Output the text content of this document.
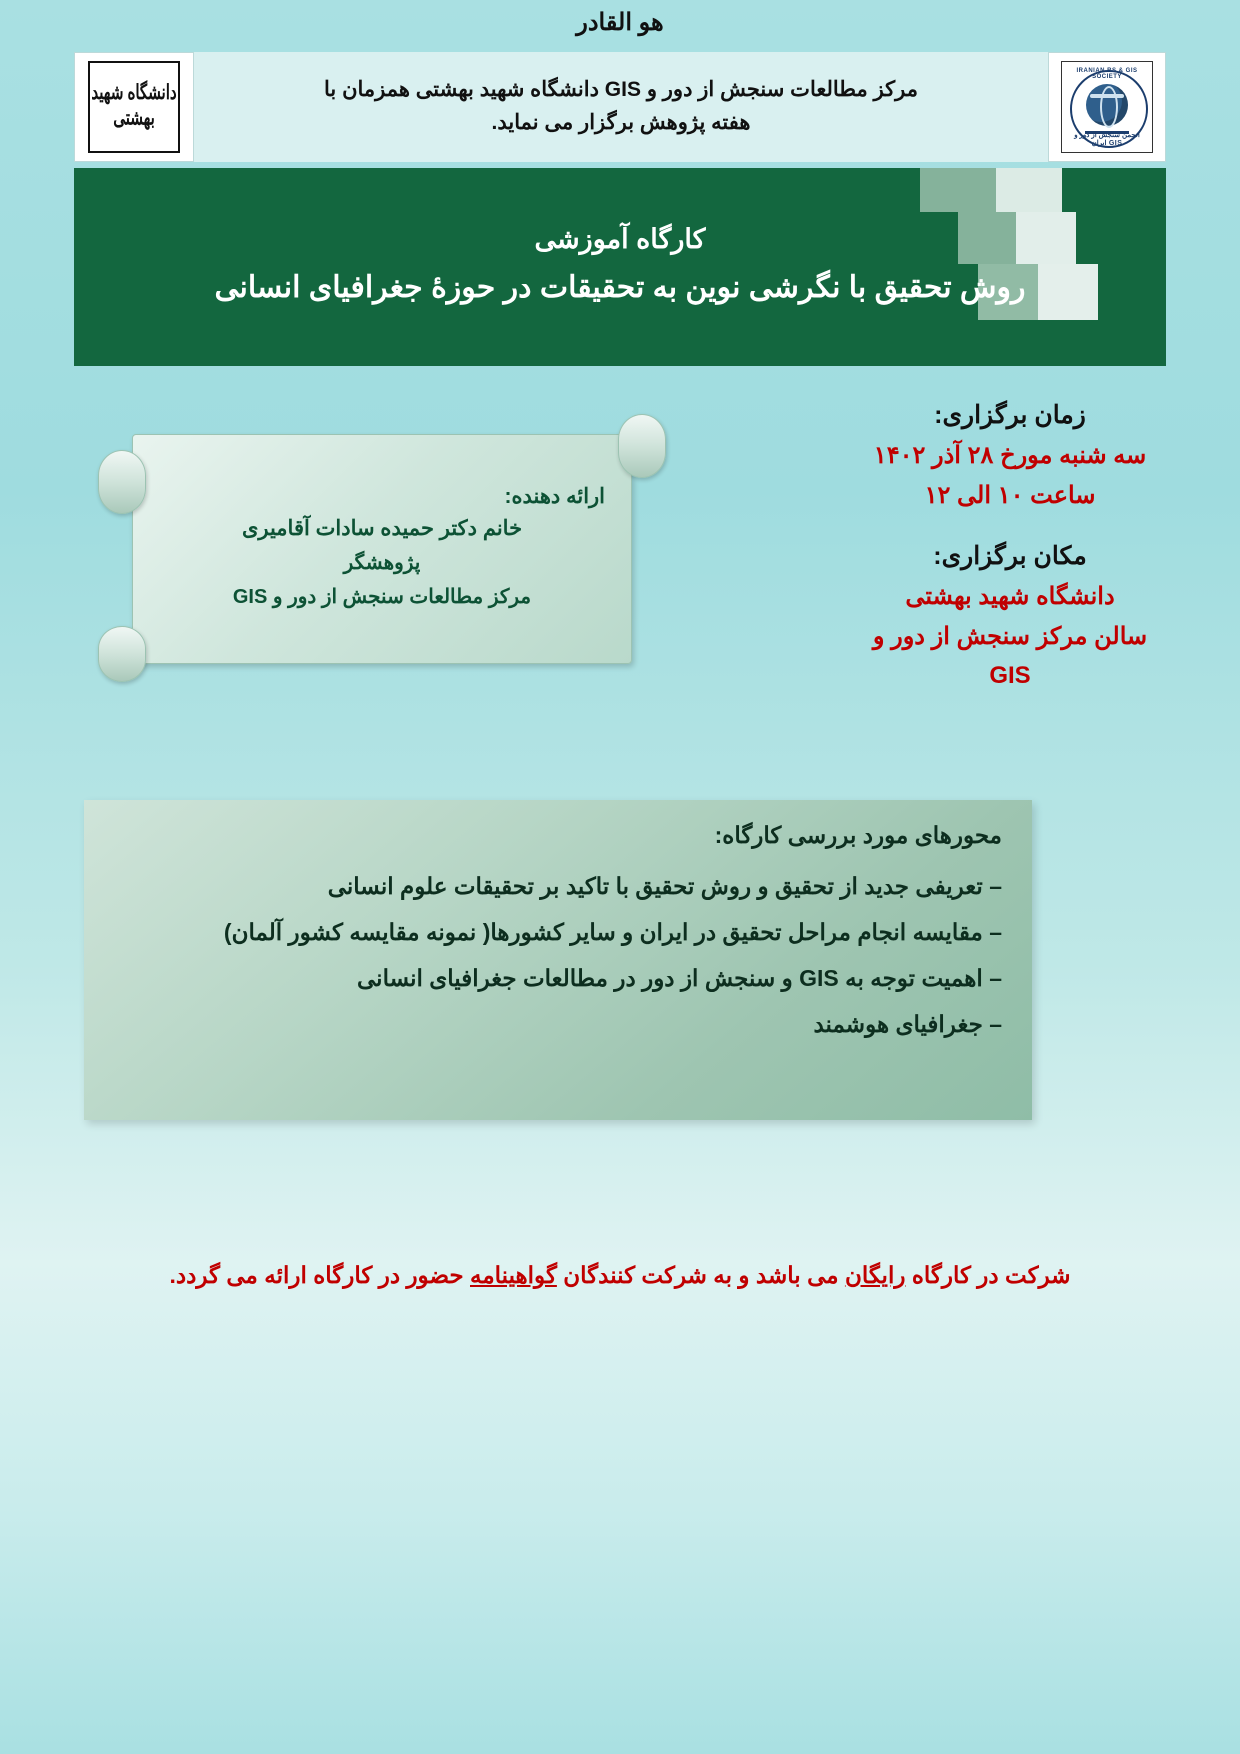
هو القادر
دانشگاه شهید بهشتی

مرکز مطالعات سنجش از دور و GIS دانشگاه شهید بهشتی همزمان با
هفته پژوهش برگزار می نماید.

IRANIAN RS & GIS SOCIETY
انجمن سنجش از دور و GIS ایران
کارگاه آموزشی
روش تحقیق با نگرشی نوین به تحقیقات در حوزۀ جغرافیای انسانی
زمان برگزاری:
سه شنبه مورخ ۲۸ آذر ۱۴۰۲
ساعت ۱۰ الی ۱۲
مکان برگزاری:
دانشگاه شهید بهشتی
سالن مرکز سنجش از دور و GIS
ارائه دهنده:
خانم دکتر حمیده سادات آقامیری
پژوهشگر
مرکز مطالعات سنجش از دور و GIS
محورهای مورد بررسی کارگاه:
– تعریفی جدید از تحقیق و روش تحقیق با تاکید بر تحقیقات علوم انسانی
– مقایسه انجام مراحل تحقیق در ایران و سایر کشورها( نمونه مقایسه کشور آلمان)
– اهمیت توجه به GIS و سنجش از دور در مطالعات جغرافیای انسانی
– جغرافیای هوشمند
شرکت در کارگاه رایگان می باشد و به شرکت کنندگان گواهینامه حضور در کارگاه ارائه می گردد.
